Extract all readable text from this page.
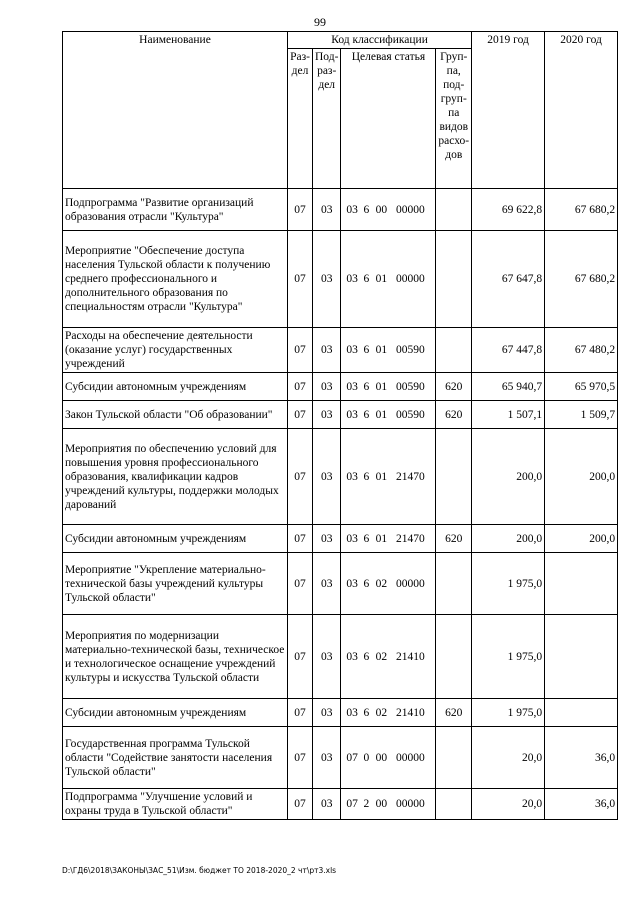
99
Наименование	Код классификации				2019 год	2020 год
	Раз-дел	Под-раз-дел	Целевая статья	Груп-па, под-груп-па видов расхо-дов		
Подпрограмма "Развитие организаций образования отрасли "Культура"	07	03	03 6 00 00000		69 622,8	67 680,2
Мероприятие "Обеспечение доступа населения Тульской области к получению среднего профессионального и дополнительного образования по специальностям отрасли "Культура"	07	03	03 6 01 00000		67 647,8	67 680,2
Расходы на обеспечение деятельности (оказание услуг) государственных учреждений	07	03	03 6 01 00590		67 447,8	67 480,2
Субсидии автономным учреждениям	07	03	03 6 01 00590	620	65 940,7	65 970,5
Закон Тульской области "Об образовании"	07	03	03 6 01 00590	620	1 507,1	1 509,7
Мероприятия по обеспечению условий для повышения уровня профессионального образования, квалификации кадров учреждений культуры, поддержки молодых дарований	07	03	03 6 01 21470		200,0	200,0
Субсидии автономным учреждениям	07	03	03 6 01 21470	620	200,0	200,0
Мероприятие "Укрепление материально-технической базы учреждений культуры Тульской области"	07	03	03 6 02 00000		1 975,0	
Мероприятия по модернизации материально-технической базы, техническое и технологическое оснащение учреждений культуры и искусства Тульской области	07	03	03 6 02 21410		1 975,0	
Субсидии автономным учреждениям	07	03	03 6 02 21410	620	1 975,0	
Государственная программа Тульской области "Содействие занятости населения Тульской области"	07	03	07 0 00 00000		20,0	36,0
Подпрограмма "Улучшение условий и охраны труда в Тульской области"	07	03	07 2 00 00000		20,0	36,0
D:\ГД6\2018\ЗАКОНЫ\ЗАС_51\Изм. бюджет ТО 2018-2020_2 чт\рт3.xls
